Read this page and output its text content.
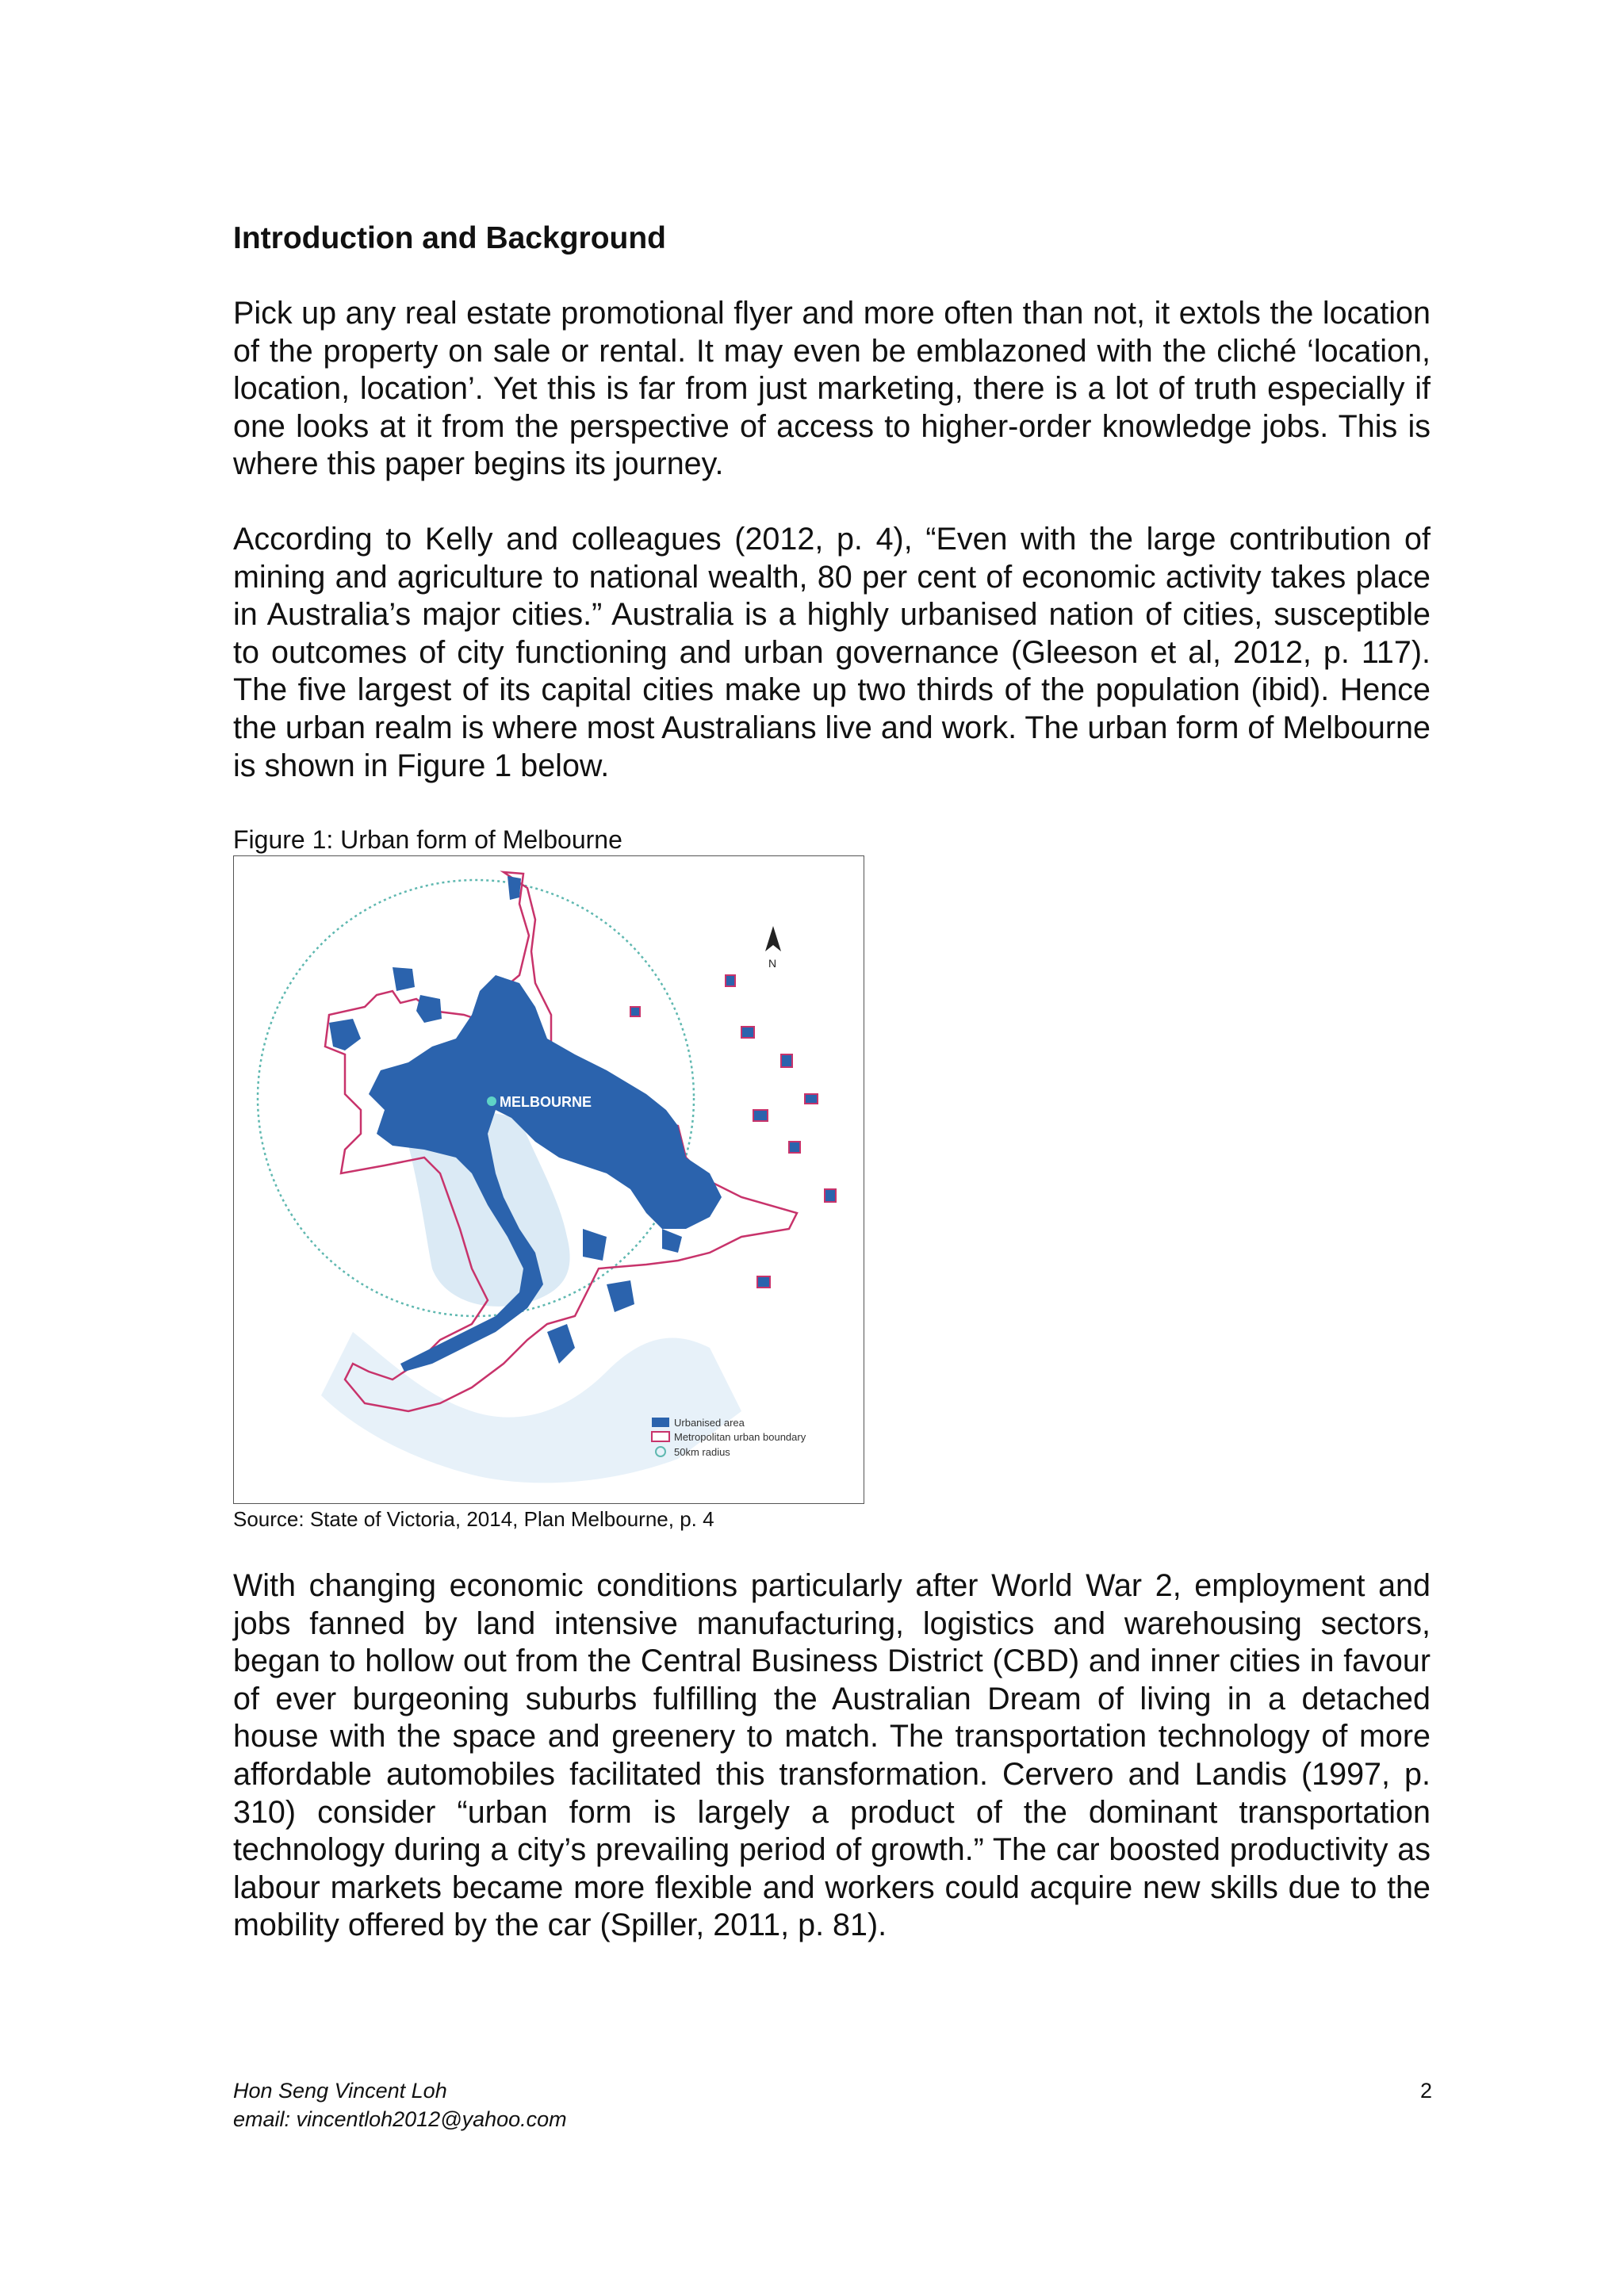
Introduction and Background

Pick up any real estate promotional flyer and more often than not, it extols the location of the property on sale or rental. It may even be emblazoned with the cliché ‘location, location, location’. Yet this is far from just marketing, there is a lot of truth especially if one looks at it from the perspective of access to higher-order knowledge jobs. This is where this paper begins its journey.

According to Kelly and colleagues (2012, p. 4), “Even with the large contribution of mining and agriculture to national wealth, 80 per cent of economic activity takes place in Australia’s major cities.” Australia is a highly urbanised nation of cities, susceptible to outcomes of city functioning and urban governance (Gleeson et al, 2012, p. 117). The five largest of its capital cities make up two thirds of the population (ibid). Hence the urban realm is where most Australians live and work. The urban form of Melbourne is shown in Figure 1 below.

Figure 1: Urban form of Melbourne

MELBOURNE
N
Urbanised area
Metropolitan urban boundary
50km radius

Source: State of Victoria, 2014, Plan Melbourne, p. 4

With changing economic conditions particularly after World War 2, employment and jobs fanned by land intensive manufacturing, logistics and warehousing sectors, began to hollow out from the Central Business District (CBD) and inner cities in favour of ever burgeoning suburbs fulfilling the Australian Dream of living in a detached house with the space and greenery to match. The transportation technology of more affordable automobiles facilitated this transformation. Cervero and Landis (1997, p. 310) consider “urban form is largely a product of the dominant transportation technology during a city’s prevailing period of growth.” The car boosted productivity as labour markets became more flexible and workers could acquire new skills due to the mobility offered by the car (Spiller, 2011, p. 81).

Hon Seng Vincent Loh

email: vincentloh2012@yahoo.com

2
